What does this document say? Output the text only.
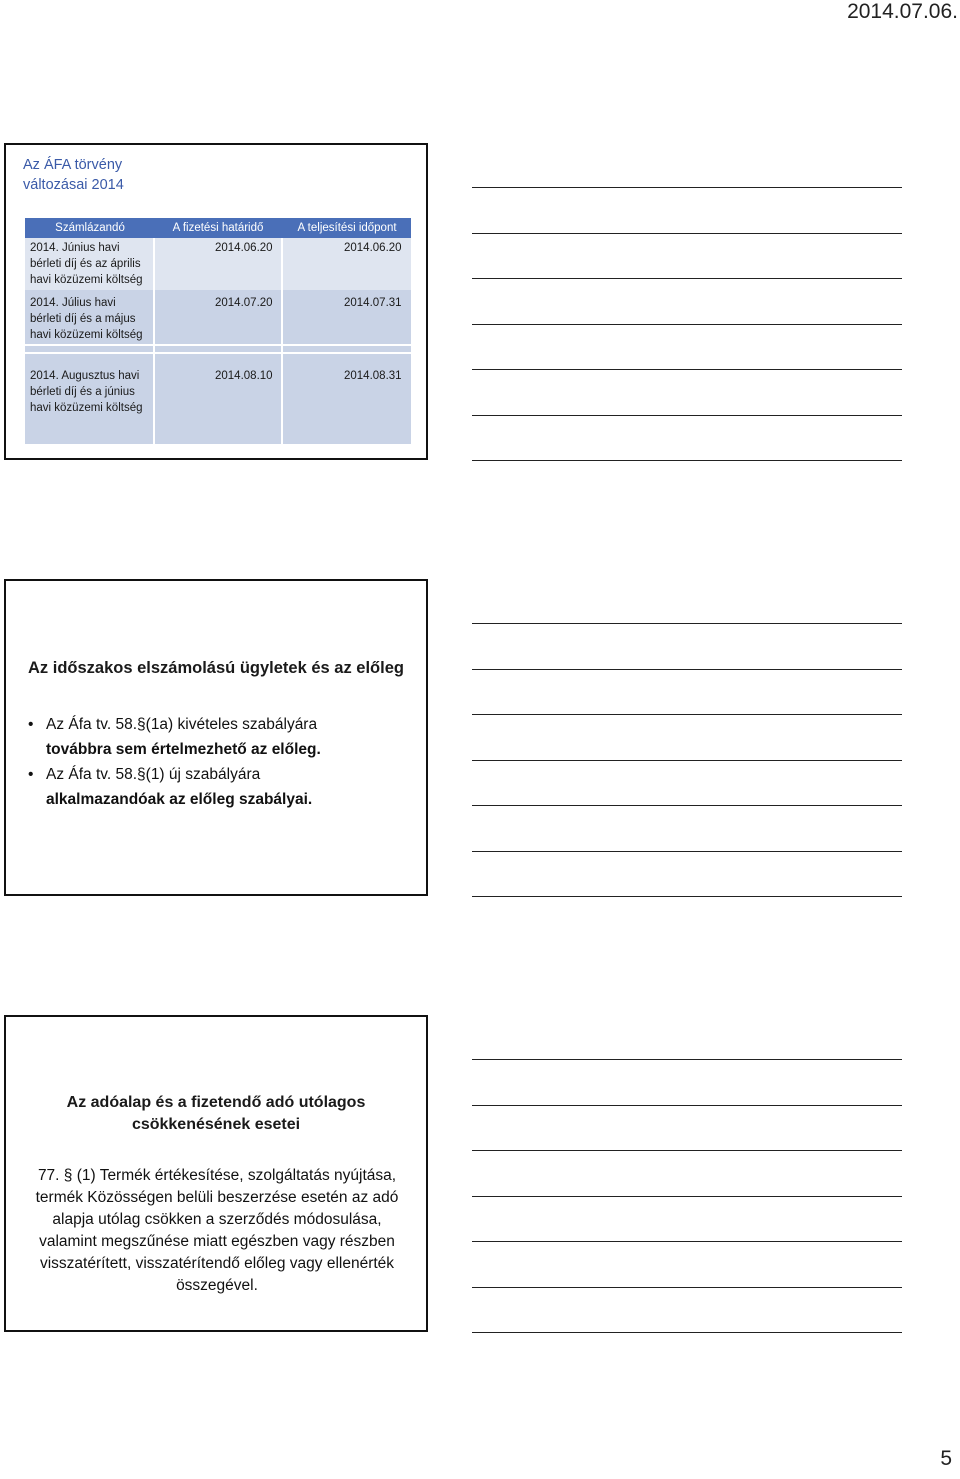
2014.07.06.
Az ÁFA törvény
változásai 2014
Számlázandó	A fizetési határidő	A teljesítési időpont
2014. Június havi
bérleti díj és az április
havi közüzemi költség
2014.06.20	2014.06.20
2014. Július havi
bérleti díj és a május
havi közüzemi költség
2014.07.20	2014.07.31
2014. Augusztus havi
bérleti díj és a június
havi közüzemi költség
2014.08.10	2014.08.31
Az időszakos elszámolású ügyletek és az előleg
• Az Áfa tv. 58.§(1a) kivételes szabályára
továbbra sem értelmezhető az előleg.
• Az Áfa tv. 58.§(1) új szabályára
alkalmazandóak az előleg szabályai.
Az adóalap és a fizetendő adó utólagos
csökkenésének esetei
77. § (1) Termék értékesítése, szolgáltatás nyújtása,
termék Közösségen belüli beszerzése esetén az adó
alapja utólag csökken a szerződés módosulása,
valamint megszűnése miatt egészben vagy részben
visszatérített, visszatérítendő előleg vagy ellenérték
összegével.
5
